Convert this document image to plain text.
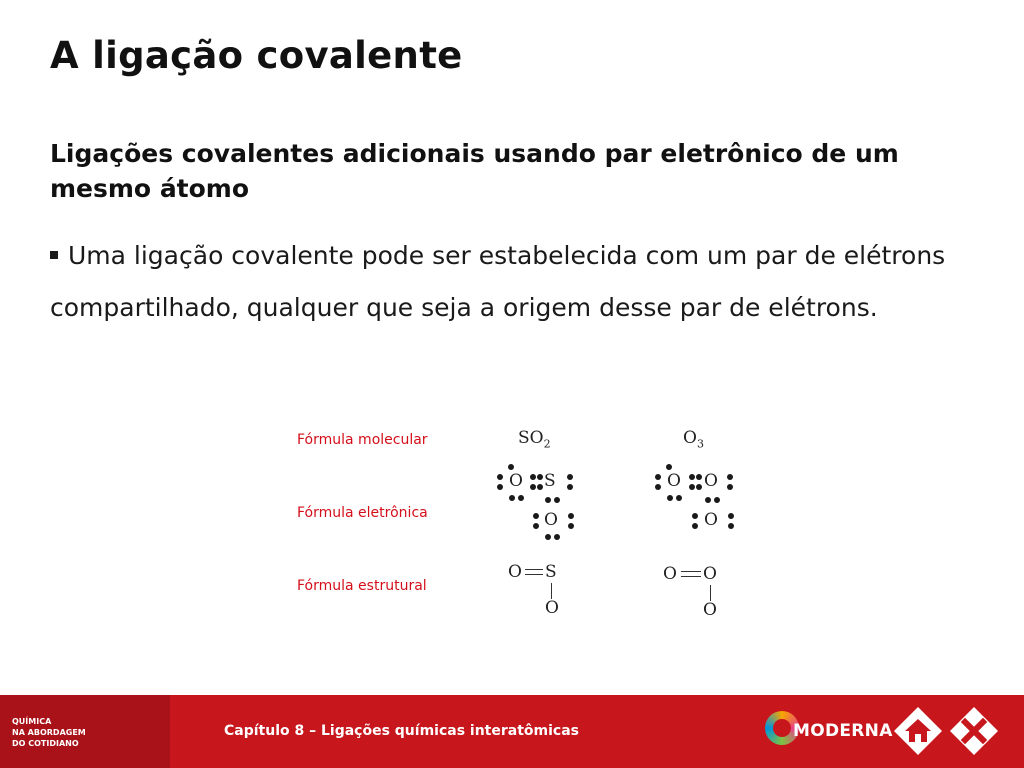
A ligação covalente
Ligações covalentes adicionais usando par eletrônico de um mesmo átomo
Uma ligação covalente pode ser estabelecida com um par de elétrons compartilhado, qualquer que seja a origem desse par de elétrons.
Fórmula molecular
Fórmula eletrônica
Fórmula estrutural
$SO_2$	$O_3$
O S
O
O O
O
O S
O
O O
O
QUÍMICA
NA ABORDAGEM
DO COTIDIANO
Capítulo 8 – Ligações químicas interatômicas	MODERNA
